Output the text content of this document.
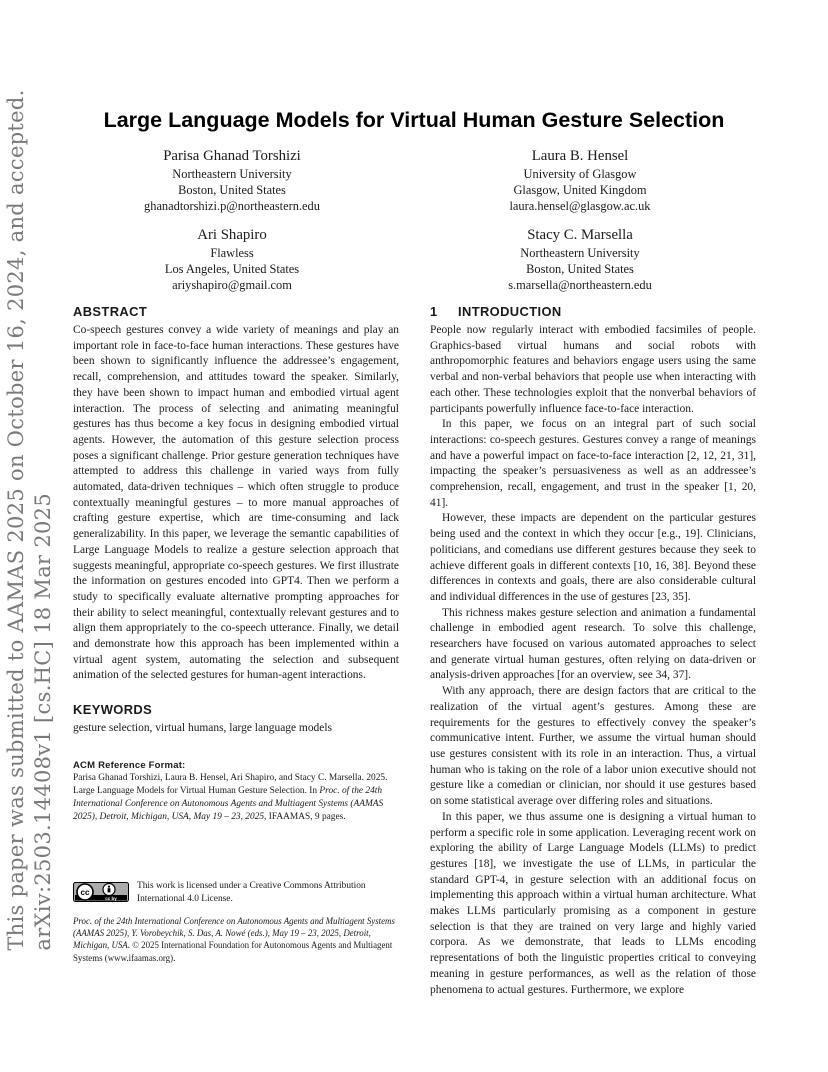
This paper was submitted to AAMAS 2025 on October 16, 2024, and accepted. arXiv:2503.14408v1 [cs.HC] 18 Mar 2025
Large Language Models for Virtual Human Gesture Selection
Parisa Ghanad Torshizi
Northeastern University
Boston, United States
ghanadtorshizi.p@northeastern.edu
Laura B. Hensel
University of Glasgow
Glasgow, United Kingdom
laura.hensel@glasgow.ac.uk
Ari Shapiro
Flawless
Los Angeles, United States
ariyshapiro@gmail.com
Stacy C. Marsella
Northeastern University
Boston, United States
s.marsella@northeastern.edu
ABSTRACT

Co-speech gestures convey a wide variety of meanings and play an important role in face-to-face human interactions. These gestures have been shown to significantly influence the addressee’s engagement, recall, comprehension, and attitudes toward the speaker. Similarly, they have been shown to impact human and embodied virtual agent interaction. The process of selecting and animating meaningful gestures has thus become a key focus in designing embodied virtual agents. However, the automation of this gesture selection process poses a significant challenge. Prior gesture generation techniques have attempted to address this challenge in varied ways from fully automated, data-driven techniques – which often struggle to produce contextually meaningful gestures – to more manual approaches of crafting gesture expertise, which are time-consuming and lack generalizability. In this paper, we leverage the semantic capabilities of Large Language Models to realize a gesture selection approach that suggests meaningful, appropriate co-speech gestures. We first illustrate the information on gestures encoded into GPT4. Then we perform a study to specifically evaluate alternative prompting approaches for their ability to select meaningful, contextually relevant gestures and to align them appropriately to the co-speech utterance. Finally, we detail and demonstrate how this approach has been implemented within a virtual agent system, automating the selection and subsequent animation of the selected gestures for human-agent interactions.

KEYWORDS

gesture selection, virtual humans, large language models

ACM Reference Format:
Parisa Ghanad Torshizi, Laura B. Hensel, Ari Shapiro, and Stacy C. Marsella. 2025. Large Language Models for Virtual Human Gesture Selection. In Proc. of the 24th International Conference on Autonomous Agents and Multiagent Systems (AAMAS 2025), Detroit, Michigan, USA, May 19 – 23, 2025, IFAAMAS, 9 pages.
cc
cc by
This work is licensed under a Creative Commons Attribution International 4.0 License.
Proc. of the 24th International Conference on Autonomous Agents and Multiagent Systems (AAMAS 2025), Y. Vorobeychik, S. Das, A. Nowé (eds.), May 19 – 23, 2025, Detroit, Michigan, USA. © 2025 International Foundation for Autonomous Agents and Multiagent Systems (www.ifaamas.org).
1 INTRODUCTION

People now regularly interact with embodied facsimiles of people. Graphics-based virtual humans and social robots with anthropomorphic features and behaviors engage users using the same verbal and non-verbal behaviors that people use when interacting with each other. These technologies exploit that the nonverbal behaviors of participants powerfully influence face-to-face interaction.

In this paper, we focus on an integral part of such social interactions: co-speech gestures. Gestures convey a range of meanings and have a powerful impact on face-to-face interaction [2, 12, 21, 31], impacting the speaker’s persuasiveness as well as an addressee’s comprehension, recall, engagement, and trust in the speaker [1, 20, 41].

However, these impacts are dependent on the particular gestures being used and the context in which they occur [e.g., 19]. Clinicians, politicians, and comedians use different gestures because they seek to achieve different goals in different contexts [10, 16, 38]. Beyond these differences in contexts and goals, there are also considerable cultural and individual differences in the use of gestures [23, 35].

This richness makes gesture selection and animation a fundamental challenge in embodied agent research. To solve this challenge, researchers have focused on various automated approaches to select and generate virtual human gestures, often relying on data-driven or analysis-driven approaches [for an overview, see 34, 37].

With any approach, there are design factors that are critical to the realization of the virtual agent’s gestures. Among these are requirements for the gestures to effectively convey the speaker’s communicative intent. Further, we assume the virtual human should use gestures consistent with its role in an interaction. Thus, a virtual human who is taking on the role of a labor union executive should not gesture like a comedian or clinician, nor should it use gestures based on some statistical average over differing roles and situations.

In this paper, we thus assume one is designing a virtual human to perform a specific role in some application. Leveraging recent work on exploring the ability of Large Language Models (LLMs) to predict gestures [18], we investigate the use of LLMs, in particular the standard GPT-4, in gesture selection with an additional focus on implementing this approach within a virtual human architecture. What makes LLMs particularly promising as a component in gesture selection is that they are trained on very large and highly varied corpora. As we demonstrate, that leads to LLMs encoding representations of both the linguistic properties critical to conveying meaning in gesture performances, as well as the relation of those phenomena to actual gestures. Furthermore, we explore
